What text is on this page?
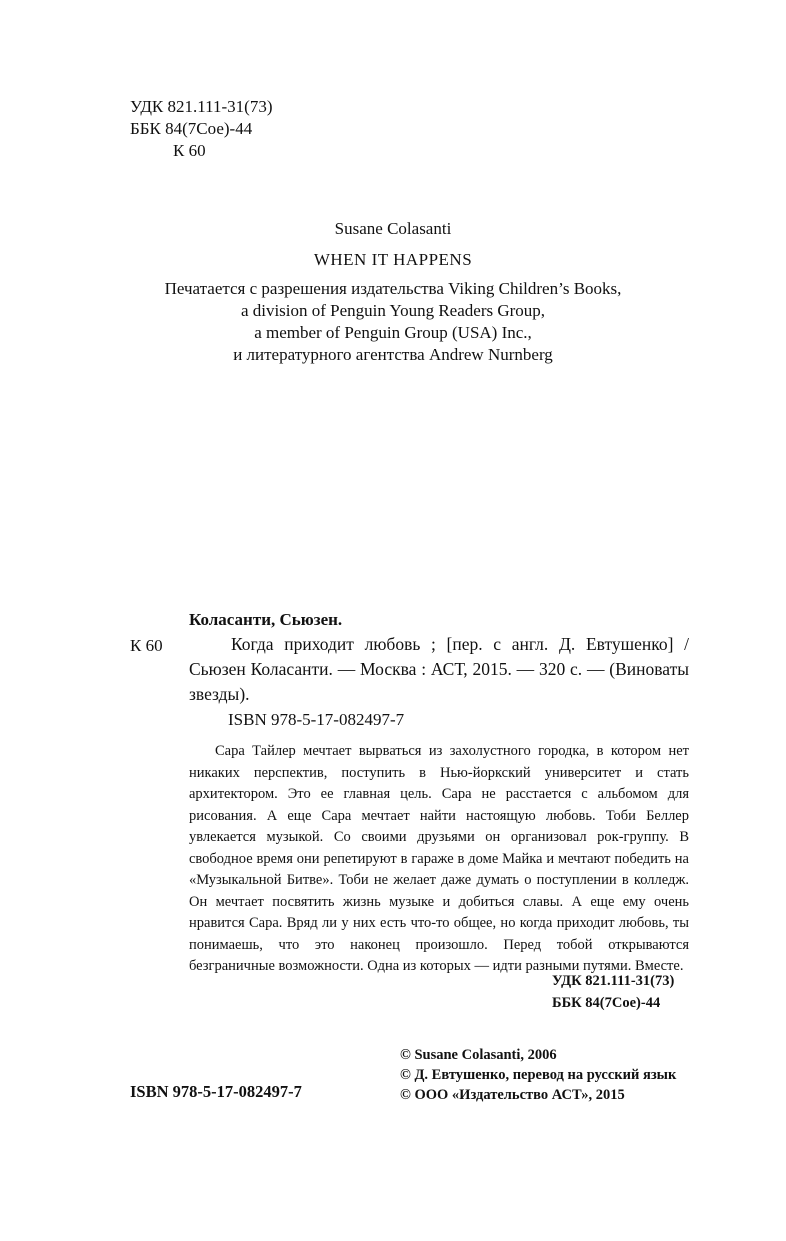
УДК 821.111-31(73)
ББК 84(7Сое)-44
К 60
Susane Colasanti
WHEN IT HAPPENS
Печатается с разрешения издательства Viking Children’s Books,
a division of Penguin Young Readers Group,
a member of Penguin Group (USA) Inc.,
и литературного агентства Andrew Nurnberg
Коласанти, Сьюзен.
К 60	Когда приходит любовь ; [пер. с англ. Д. Евтушенко] / Сьюзен Коласанти. — Москва : АСТ, 2015. — 320 с. — (Виноваты звезды).
ISBN 978-5-17-082497-7
Сара Тайлер мечтает вырваться из захолустного городка, в котором нет никаких перспектив, поступить в Нью-йоркский университет и стать архитектором. Это ее главная цель. Сара не расстается с альбомом для рисования. А еще Сара мечтает найти настоящую любовь. Тоби Беллер увлекается музыкой. Со своими друзьями он организовал рок-группу. В свободное время они репетируют в гараже в доме Майка и мечтают победить на «Музыкальной Битве». Тоби не желает даже думать о поступлении в колледж. Он мечтает посвятить жизнь музыке и добиться славы. А еще ему очень нравится Сара. Вряд ли у них есть что-то общее, но когда приходит любовь, ты понимаешь, что это наконец произошло. Перед тобой открываются безграничные возможности. Одна из которых — идти разными путями. Вместе.
УДК 821.111-31(73)
ББК 84(7Сое)-44
© Susane Colasanti, 2006
© Д. Евтушенко, перевод на русский язык
© ООО «Издательство АСТ», 2015
ISBN 978-5-17-082497-7
